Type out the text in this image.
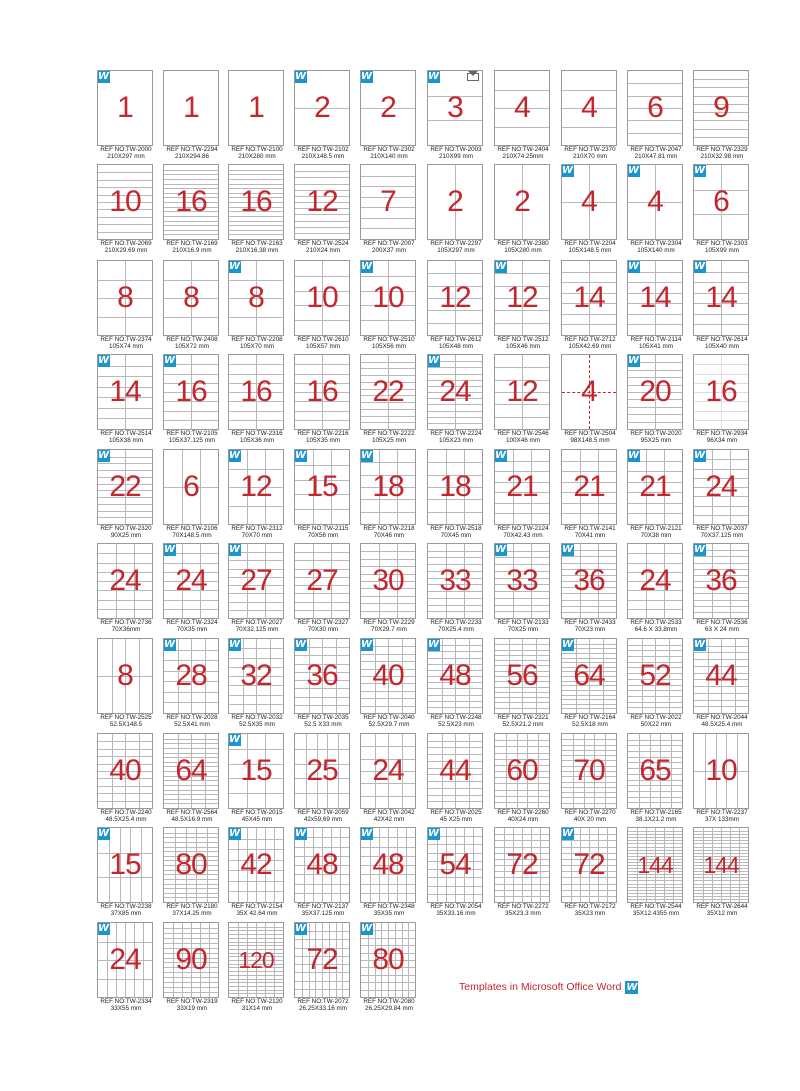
1
W
REF NO:TW-2000
210X297 mm
1
REF NO:TW-2294
210X294.86
1
REF NO:TW-2100
210X280 mm
2
W
REF NO:TW-2102
210X148.5 mm
2
W
REF NO:TW-2302
210X140 mm
3
W
REF NO:TW-2003
210X99 mm
4
REF NO:TW-2404
210X74.25mm
4
REF NO:TW-2370
210X70 mm
6
REF NO:TW-2047
210X47.81 mm
9
REF NO:TW-2329
210X32.98 mm
10
REF NO:TW-2069
210X29.69 mm
16
REF NO:TW-2169
210X16.9 mm
16
REF NO:TW-2163
210X16.38 mm
12
REF NO:TW-2524
210X24 mm
7
REF NO:TW-2007
200X37 mm
2
REF NO:TW-2297
105X297 mm
2
REF NO:TW-2380
105X280 mm
4
W
REF NO:TW-2204
105X148.5 mm
4
W
REF NO:TW-2304
105X140 mm
6
W
REF NO:TW-2303
105X99 mm
8
REF NO:TW-2374
105X74 mm
8
REF NO:TW-2408
105X72 mm
8
W
REF NO:TW-2208
105X70 mm
10
REF NO:TW-2610
105X57 mm
10
W
REF NO:TW-2510
105X56 mm
12
REF NO:TW-2612
105X48 mm
12
W
REF NO:TW-2512
105X46 mm
14
REF NO:TW-2712
105X42.69 mm
14
W
REF NO:TW-2114
105X41 mm
14
W
REF NO:TW-2614
105X40 mm
14
W
REF NO:TW-2514
105X38 mm
16
W
REF NO:TW-2105
105X37.125 mm
16
REF NO:TW-2316
105X36 mm
16
REF NO:TW-2216
105X35 mm
22
REF NO:TW-2222
105X25 mm
24
W
REF NO:TW-2224
105X23 mm
12
REF NO:TW-2546
100X46 mm
4
REF NO:TW-2504
98X148.5 mm
20
W
REF NO:TW-2020
95X25 mm
16
REF NO:TW-2934
96X34 mm
22
W
REF NO:TW-2320
90X25 mm
6
REF NO:TW-2106
70X148.5 mm
12
W
REF NO:TW-2312
70X70 mm
15
W
REF NO:TW-2115
70X56 mm
18
W
REF NO:TW-2218
70X46 mm
18
REF NO:TW-2518
70X45 mm
21
W
REF NO:TW-2124
70X42.43 mm
21
REF NO:TW-2141
70X41 mm
21
W
REF NO:TW-2121
70X38 mm
24
W
REF NO:TW-2037
70X37.125 mm
24
REF NO:TW-2736
70X36mm
24
W
REF NO:TW-2324
70X35 mm
27
W
REF NO:TW-2027
70X32.125 mm
27
REF NO:TW-2327
70X30 mm
30
REF NO:TW-2229
70X29.7 mm
33
REF NO:TW-2233
70X25.4 mm
33
W
REF NO:TW-2133
70X25 mm
36
W
REF NO:TW-2433
70X23 mm
24
REF NO:TW-2533
64.6 X 33.8mm
36
W
REF NO:TW-2536
63 X 24 mm
8
REF NO:TW-2525
52.5X148.5
28
W
REF NO:TW-2028
52.5X41 mm
32
W
REF NO:TW-2032
52.5X35 mm
36
W
REF NO:TW-2035
52.5 X33 mm
40
W
REF NO:TW-2040
52.5X29.7 mm
48
W
REF NO:TW-2248
52.5X23 mm
56
REF NO:TW-2321
52.5X21.2 mm
64
W
REF NO:TW-2164
52.5X18 mm
52
REF NO:TW-2022
50X22 mm
44
W
REF NO:TW-2044
48.5X25.4 mm
40
REF NO:TW-2240
48.5X25.4 mm
64
REF NO:TW-2564
48.5X16.9 mm
15
W
REF NO:TW-2015
45X45 mm
25
REF NO:TW-2059
42x59.69 mm
24
REF NO:TW-2042
42X42 mm
44
REF NO:TW-2025
45 X25 mm
60
REF NO:TW-2260
40X24 mm
70
REF NO:TW-2270
40X 20 mm
65
REF NO:TW-2165
38.1X21.2 mm
10
REF NO:TW-2237
37X 133mm
15
W
REF NO:TW-2238
37X85 mm
80
REF NO:TW-2180
37X14.25 mm
42
W
REF NO:TW-2154
35X 42.64 mm
48
W
REF NO:TW-2137
35X37.125 mm
48
W
REF NO:TW-2348
35X35 mm
54
W
REF NO:TW-2054
35X33.16 mm
72
REF NO:TW-2272
35X23.3 mm
72
W
REF NO:TW-2172
35X23 mm
144
REF NO:TW-2544
35X12.4355 mm
144
REF NO:TW-2644
35X12 mm
24
W
REF NO:TW-2334
33X55 mm
90
REF NO:TW-2319
33X19 mm
120
REF NO:TW-2120
31X14 mm
72
W
REF NO:TW-2072
26.25X33.16 mm
80
W
REF NO:TW-2080
26.25X29.84 mm
Templates in Microsoft Office Word W
